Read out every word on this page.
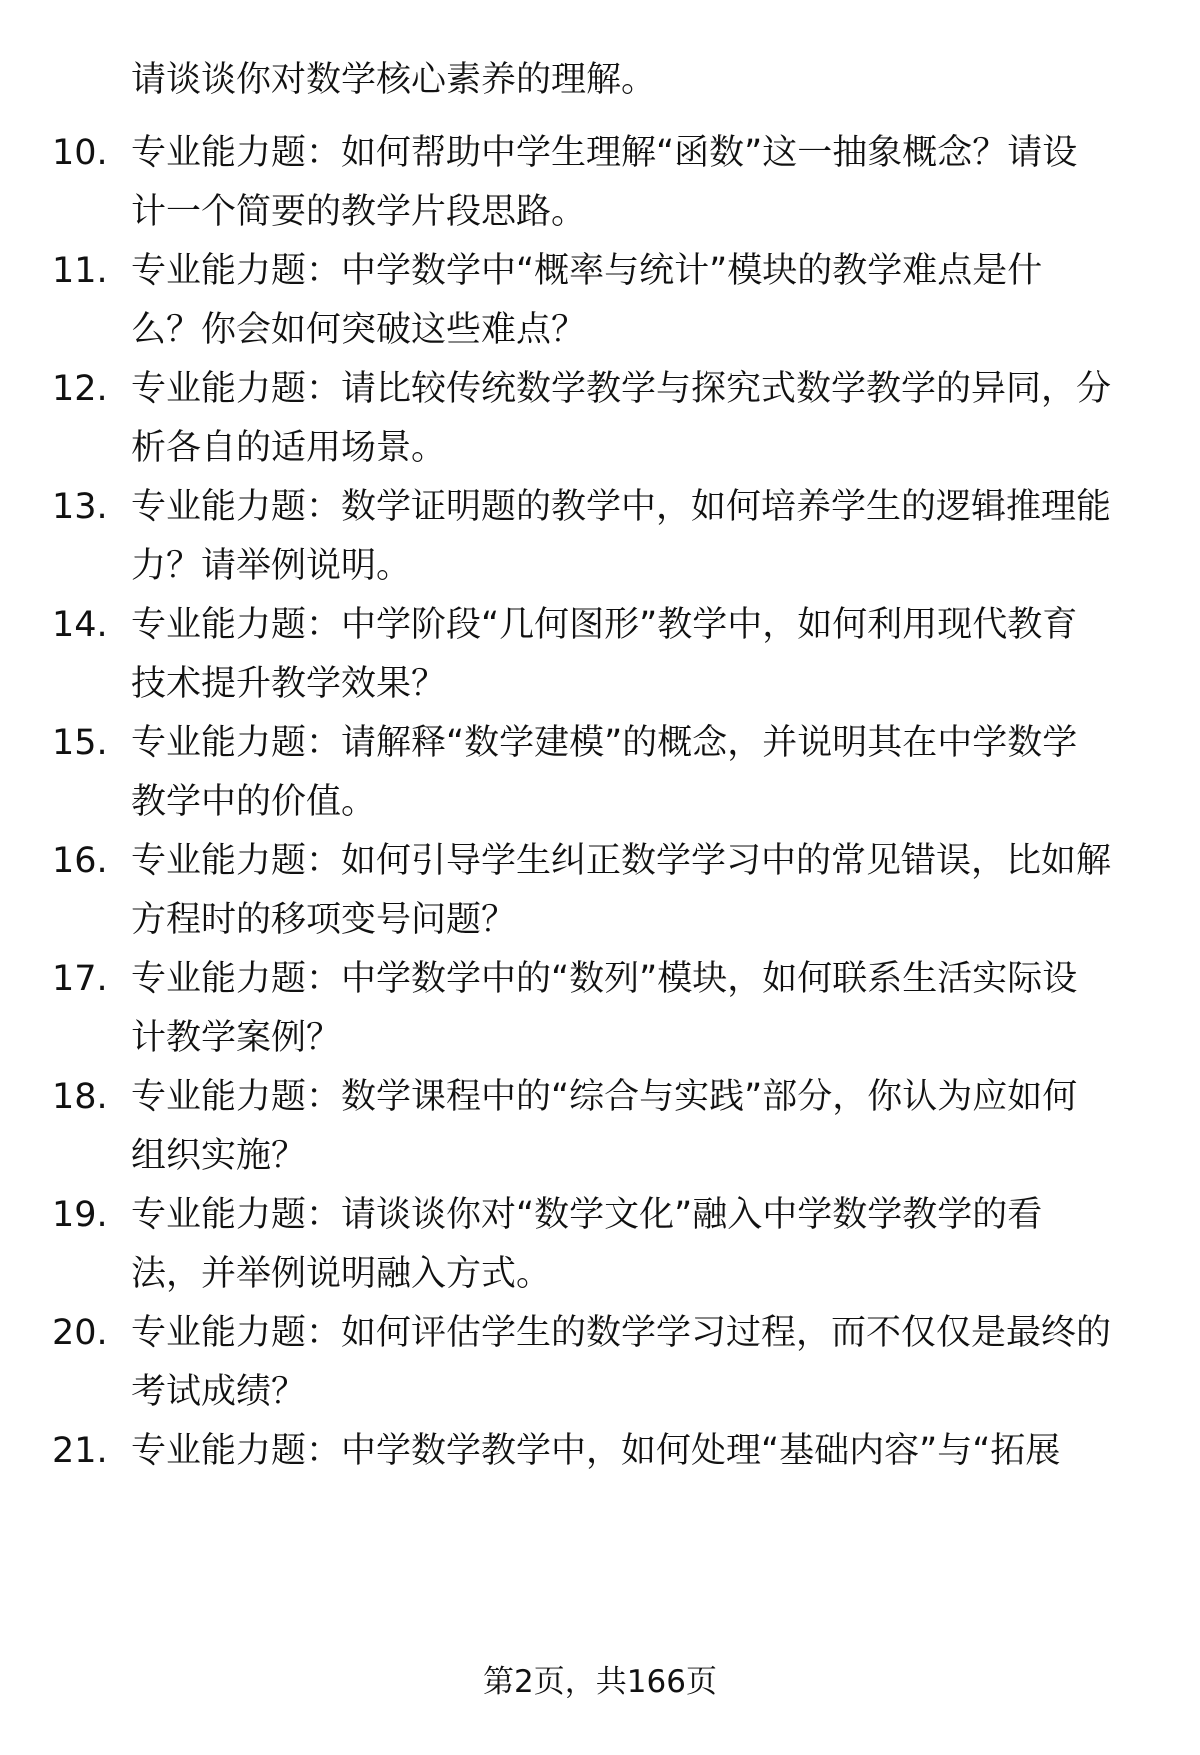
请谈谈你对数学核心素养的理解。
10. 专业能力题：如何帮助中学生理解“函数”这一抽象概念？请设
计一个简要的教学片段思路。
11. 专业能力题：中学数学中“概率与统计”模块的教学难点是什
么？你会如何突破这些难点？
12. 专业能力题：请比较传统数学教学与探究式数学教学的异同，分
析各自的适用场景。
13. 专业能力题：数学证明题的教学中，如何培养学生的逻辑推理能
力？请举例说明。
14. 专业能力题：中学阶段“几何图形”教学中，如何利用现代教育
技术提升教学效果？
15. 专业能力题：请解释“数学建模”的概念，并说明其在中学数学
教学中的价值。
16. 专业能力题：如何引导学生纠正数学学习中的常见错误，比如解
方程时的移项变号问题？
17. 专业能力题：中学数学中的“数列”模块，如何联系生活实际设
计教学案例？
18. 专业能力题：数学课程中的“综合与实践”部分，你认为应如何
组织实施？
19. 专业能力题：请谈谈你对“数学文化”融入中学数学教学的看
法，并举例说明融入方式。
20. 专业能力题：如何评估学生的数学学习过程，而不仅仅是最终的
考试成绩？
21. 专业能力题：中学数学教学中，如何处理“基础内容”与“拓展
第2页，共166页
